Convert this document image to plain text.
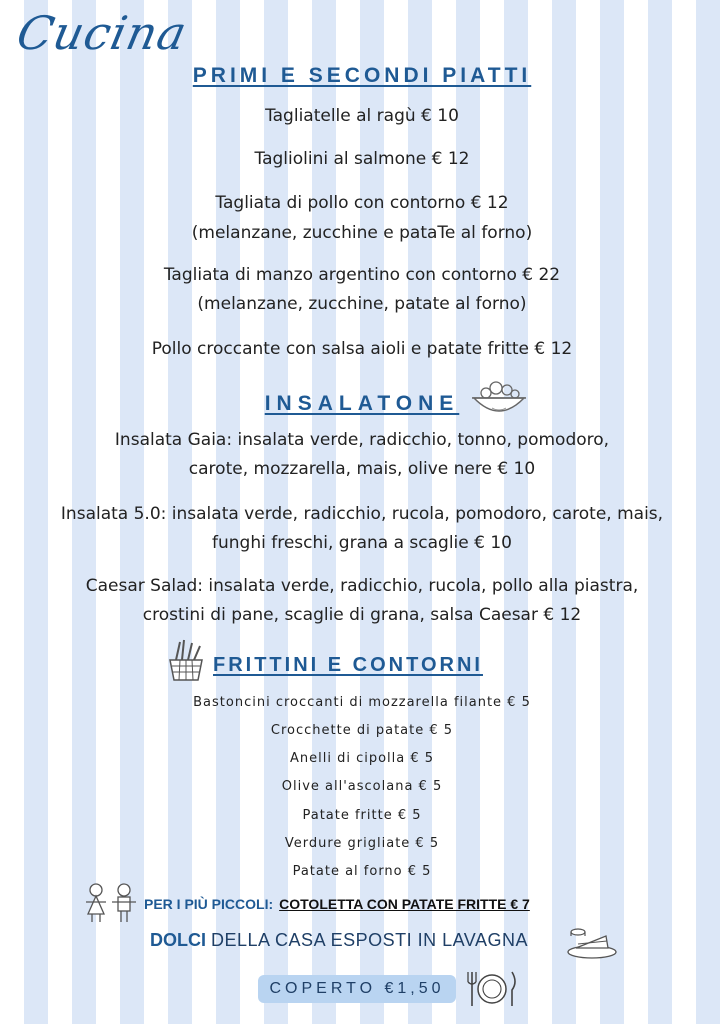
Cucina
PRIMI E SECONDI PIATTI
Tagliatelle al ragù € 10
Tagliolini al salmone € 12
Tagliata di pollo con contorno € 12
(melanzane, zucchine e pataTe al forno)
Tagliata di manzo argentino con contorno € 22
(melanzane, zucchine, patate al forno)
Pollo croccante con salsa aioli e patate fritte € 12
INSALATONE
Insalata Gaia: insalata verde, radicchio, tonno, pomodoro,
carote, mozzarella, mais, olive nere € 10
Insalata 5.0: insalata verde, radicchio, rucola, pomodoro, carote, mais,
funghi freschi, grana a scaglie € 10
Caesar Salad: insalata verde, radicchio, rucola, pollo alla piastra,
crostini di pane, scaglie di grana, salsa Caesar € 12
FRITTINI E CONTORNI
Bastoncini croccanti di mozzarella filante € 5
Crocchette di patate € 5
Anelli di cipolla € 5
Olive all'ascolana € 5
Patate fritte € 5
Verdure grigliate € 5
Patate al forno € 5
PER I PIÙ PICCOLI: COTOLETTA CON PATATE FRITTE € 7
DOLCI DELLA CASA ESPOSTI IN LAVAGNA
COPERTO €1,50
